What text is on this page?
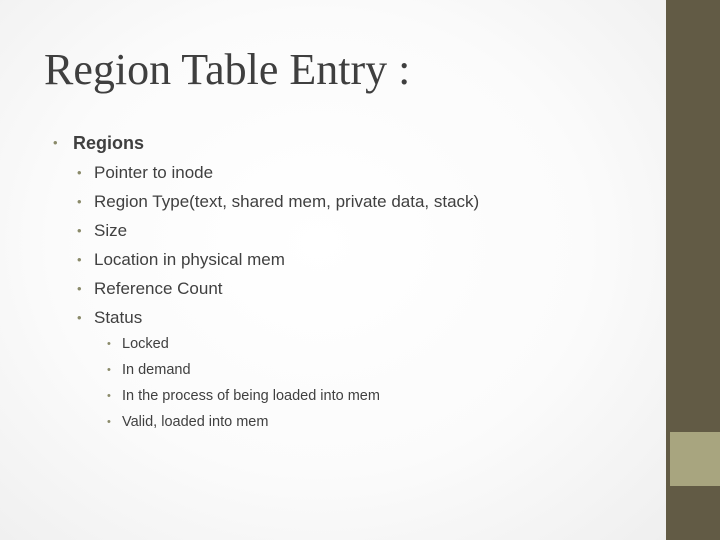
Region Table Entry :
• Regions
• Pointer to inode
• Region Type(text, shared mem, private data, stack)
• Size
• Location in physical mem
• Reference Count
• Status
• Locked
• In demand
• In the process of being loaded into mem
• Valid, loaded into mem
